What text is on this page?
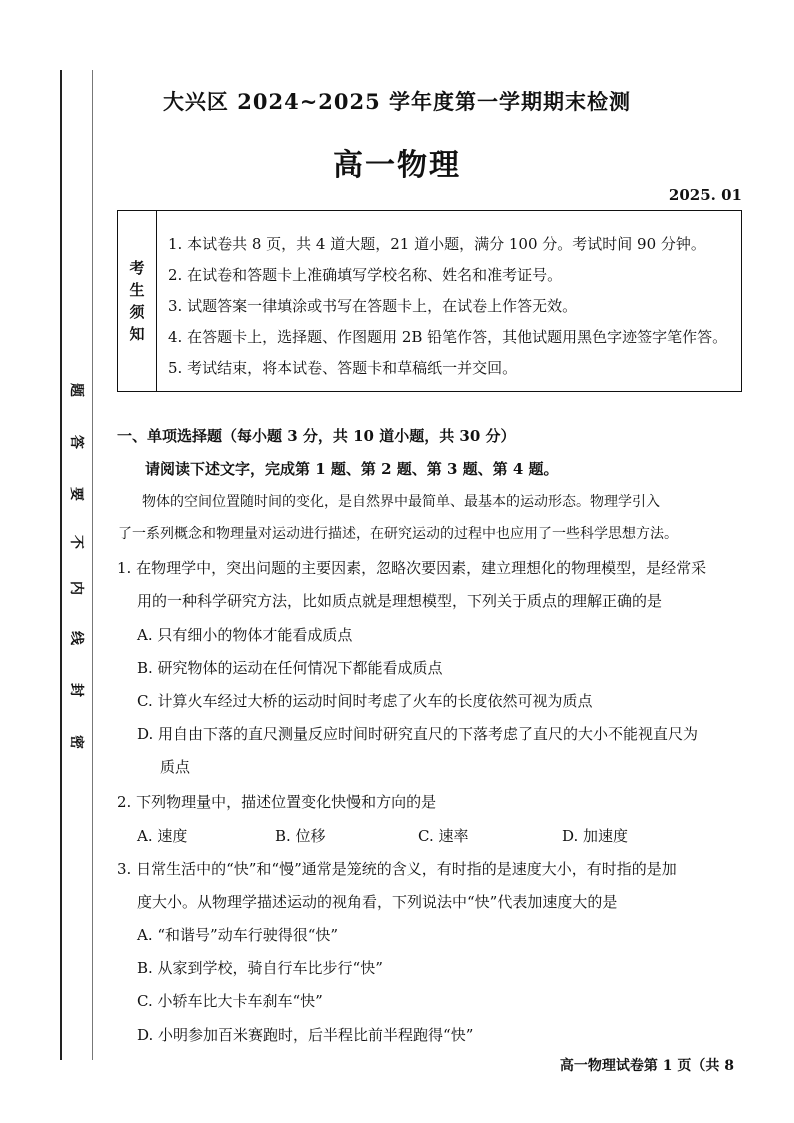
题
答
要
不
内
线
封
密
大兴区 2024~2025 学年度第一学期期末检测
高一物理
2025. 01
考
生
须
知
1. 本试卷共 8 页，共 4 道大题，21 道小题，满分 100 分。考试时间 90 分钟。
2. 在试卷和答题卡上准确填写学校名称、姓名和准考证号。
3. 试题答案一律填涂或书写在答题卡上，在试卷上作答无效。
4. 在答题卡上，选择题、作图题用 2B 铅笔作答，其他试题用黑色字迹签字笔作答。
5. 考试结束，将本试卷、答题卡和草稿纸一并交回。
一、单项选择题（每小题 3 分，共 10 道小题，共 30 分）
请阅读下述文字，完成第 1 题、第 2 题、第 3 题、第 4 题。
物体的空间位置随时间的变化，是自然界中最简单、最基本的运动形态。物理学引入
了一系列概念和物理量对运动进行描述，在研究运动的过程中也应用了一些科学思想方法。
1. 在物理学中，突出问题的主要因素，忽略次要因素，建立理想化的物理模型，是经常采
用的一种科学研究方法，比如质点就是理想模型，下列关于质点的理解正确的是
A. 只有细小的物体才能看成质点
B. 研究物体的运动在任何情况下都能看成质点
C. 计算火车经过大桥的运动时间时考虑了火车的长度依然可视为质点
D. 用自由下落的直尺测量反应时间时研究直尺的下落考虑了直尺的大小不能视直尺为
质点
2. 下列物理量中，描述位置变化快慢和方向的是
A. 速度	B. 位移	C. 速率	D. 加速度
3. 日常生活中的“快”和“慢”通常是笼统的含义，有时指的是速度大小，有时指的是加
度大小。从物理学描述运动的视角看，下列说法中“快”代表加速度大的是
A. “和谐号”动车行驶得很“快”
B. 从家到学校，骑自行车比步行“快”
C. 小轿车比大卡车刹车“快”
D. 小明参加百米赛跑时，后半程比前半程跑得“快”
高一物理试卷第 1 页（共 8
